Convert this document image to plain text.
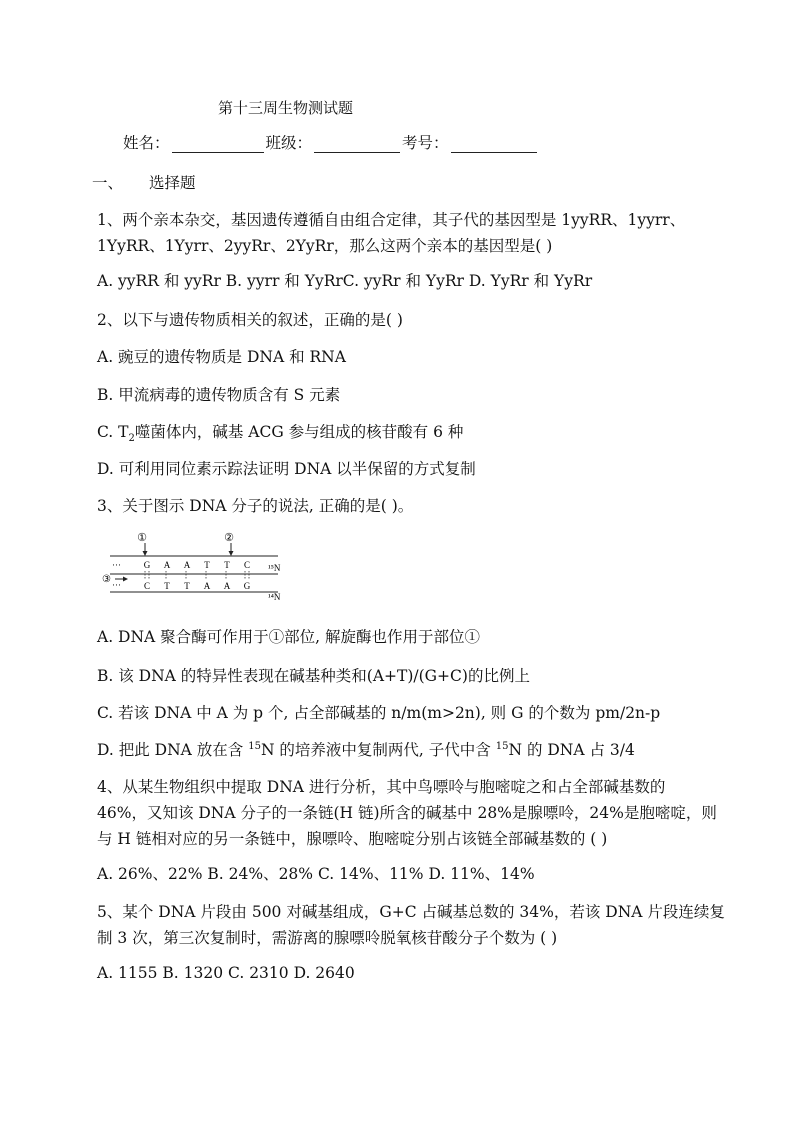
第十三周生物测试题
姓名：	班级：	考号：
一、 选择题
1、两个亲本杂交，基因遗传遵循自由组合定律，其子代的基因型是 1yyRR、1yyrr、
1YyRR、1Yyrr、2yyRr、2YyRr，那么这两个亲本的基因型是( )
A. yyRR 和 yyRr B. yyrr 和 YyRrC. yyRr 和 YyRr D. YyRr 和 YyRr
2、以下与遗传物质相关的叙述，正确的是( )
A. 豌豆的遗传物质是 DNA 和 RNA
B. 甲流病毒的遗传物质含有 S 元素
C. $T_2$噬菌体内，碱基 ACG 参与组成的核苷酸有 6 种
D. 可利用同位素示踪法证明 DNA 以半保留的方式复制
3、关于图示 DNA 分子的说法, 正确的是( )。
①	②
③
···
···
G A A T T C
C T T A A G
¹⁵N
¹⁴N
A. DNA 聚合酶可作用于①部位, 解旋酶也作用于部位①
B. 该 DNA 的特异性表现在碱基种类和(A+T)/(G+C)的比例上
C. 若该 DNA 中 A 为 p 个, 占全部碱基的 n/m(m>2n), 则 G 的个数为 pm/2n-p
D. 把此 DNA 放在含 $^{15}$N 的培养液中复制两代, 子代中含 $^{15}$N 的 DNA 占 3/4
4、从某生物组织中提取 DNA 进行分析，其中鸟嘌呤与胞嘧啶之和占全部碱基数的
46%，又知该 DNA 分子的一条链(H 链)所含的碱基中 28%是腺嘌呤，24%是胞嘧啶，则
与 H 链相对应的另一条链中，腺嘌呤、胞嘧啶分别占该链全部碱基数的 ( )
A. 26%、22% B. 24%、28% C. 14%、11% D. 11%、14%
5、某个 DNA 片段由 500 对碱基组成，G+C 占碱基总数的 34%，若该 DNA 片段连续复
制 3 次，第三次复制时，需游离的腺嘌呤脱氧核苷酸分子个数为 ( )
A. 1155 B. 1320 C. 2310 D. 2640
